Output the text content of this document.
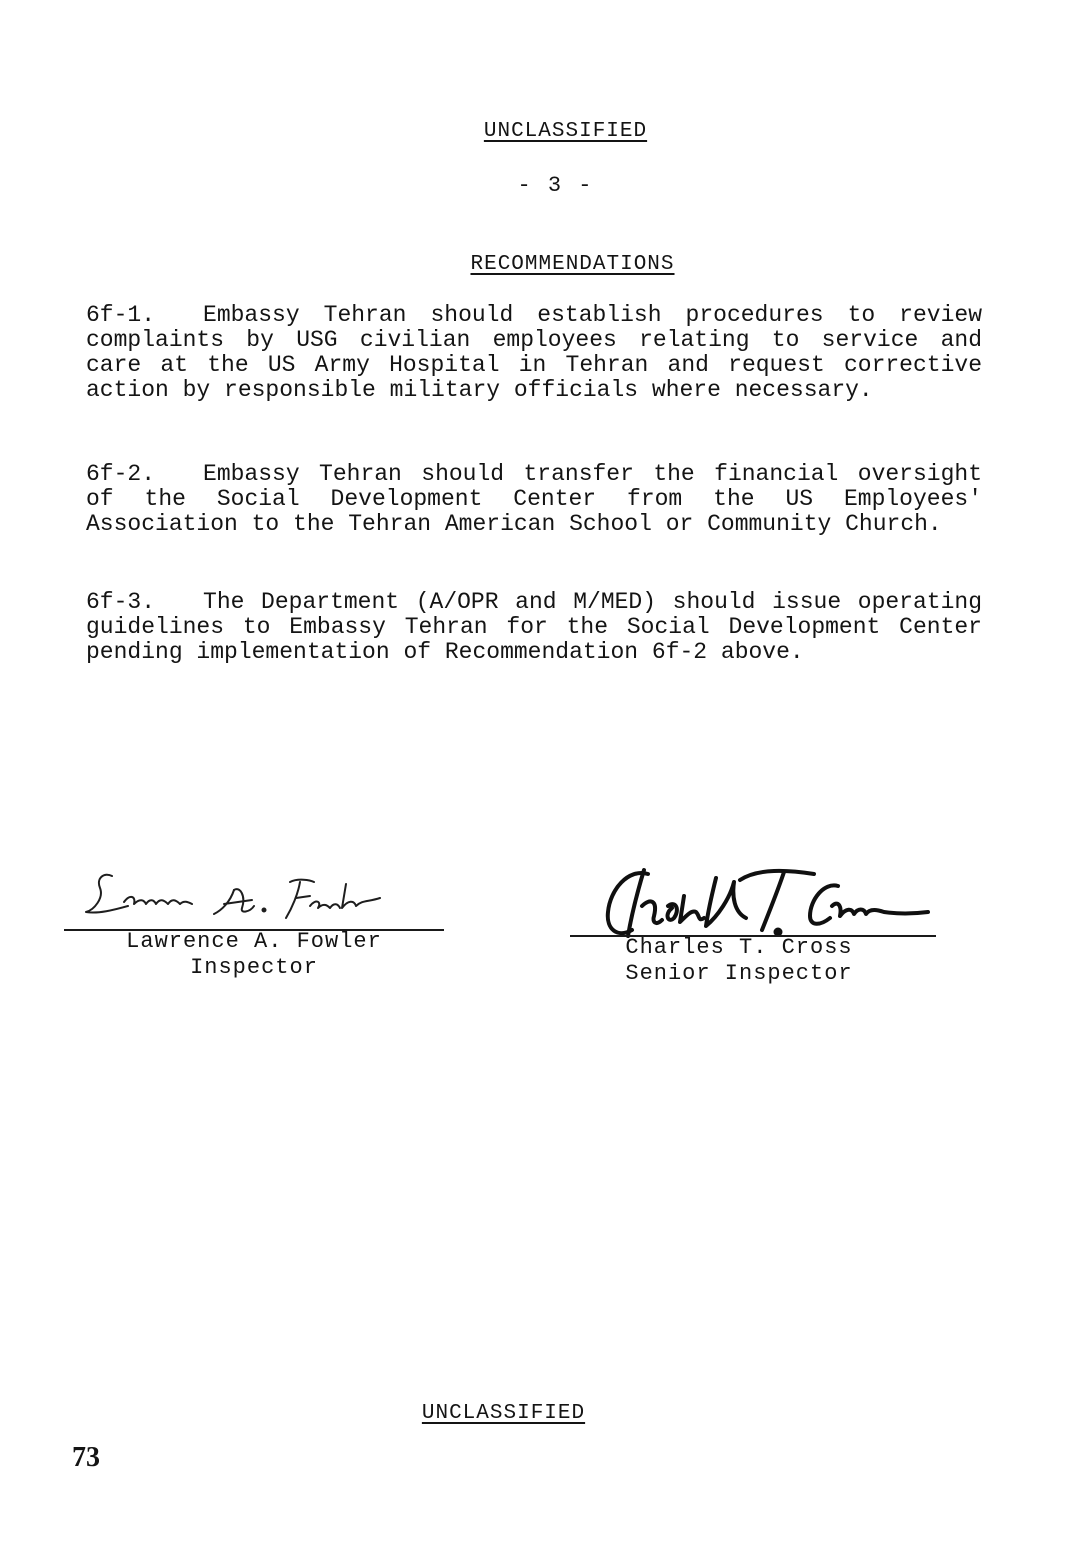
UNCLASSIFIED
- 3 -
RECOMMENDATIONS
6f-1. Embassy Tehran should establish procedures to review complaints by USG civilian employees relating to service and care at the US Army Hospital in Tehran and request corrective action by responsible military officials where necessary.
6f-2. Embassy Tehran should transfer the financial oversight of the Social Development Center from the US Employees' Association to the Tehran American School or Community Church.
6f-3. The Department (A/OPR and M/MED) should issue operating guidelines to Embassy Tehran for the Social Development Center pending implementation of Recommendation 6f-2 above.
Lawrence A. Fowler
Inspector
Charles T. Cross
Senior Inspector
UNCLASSIFIED
73
